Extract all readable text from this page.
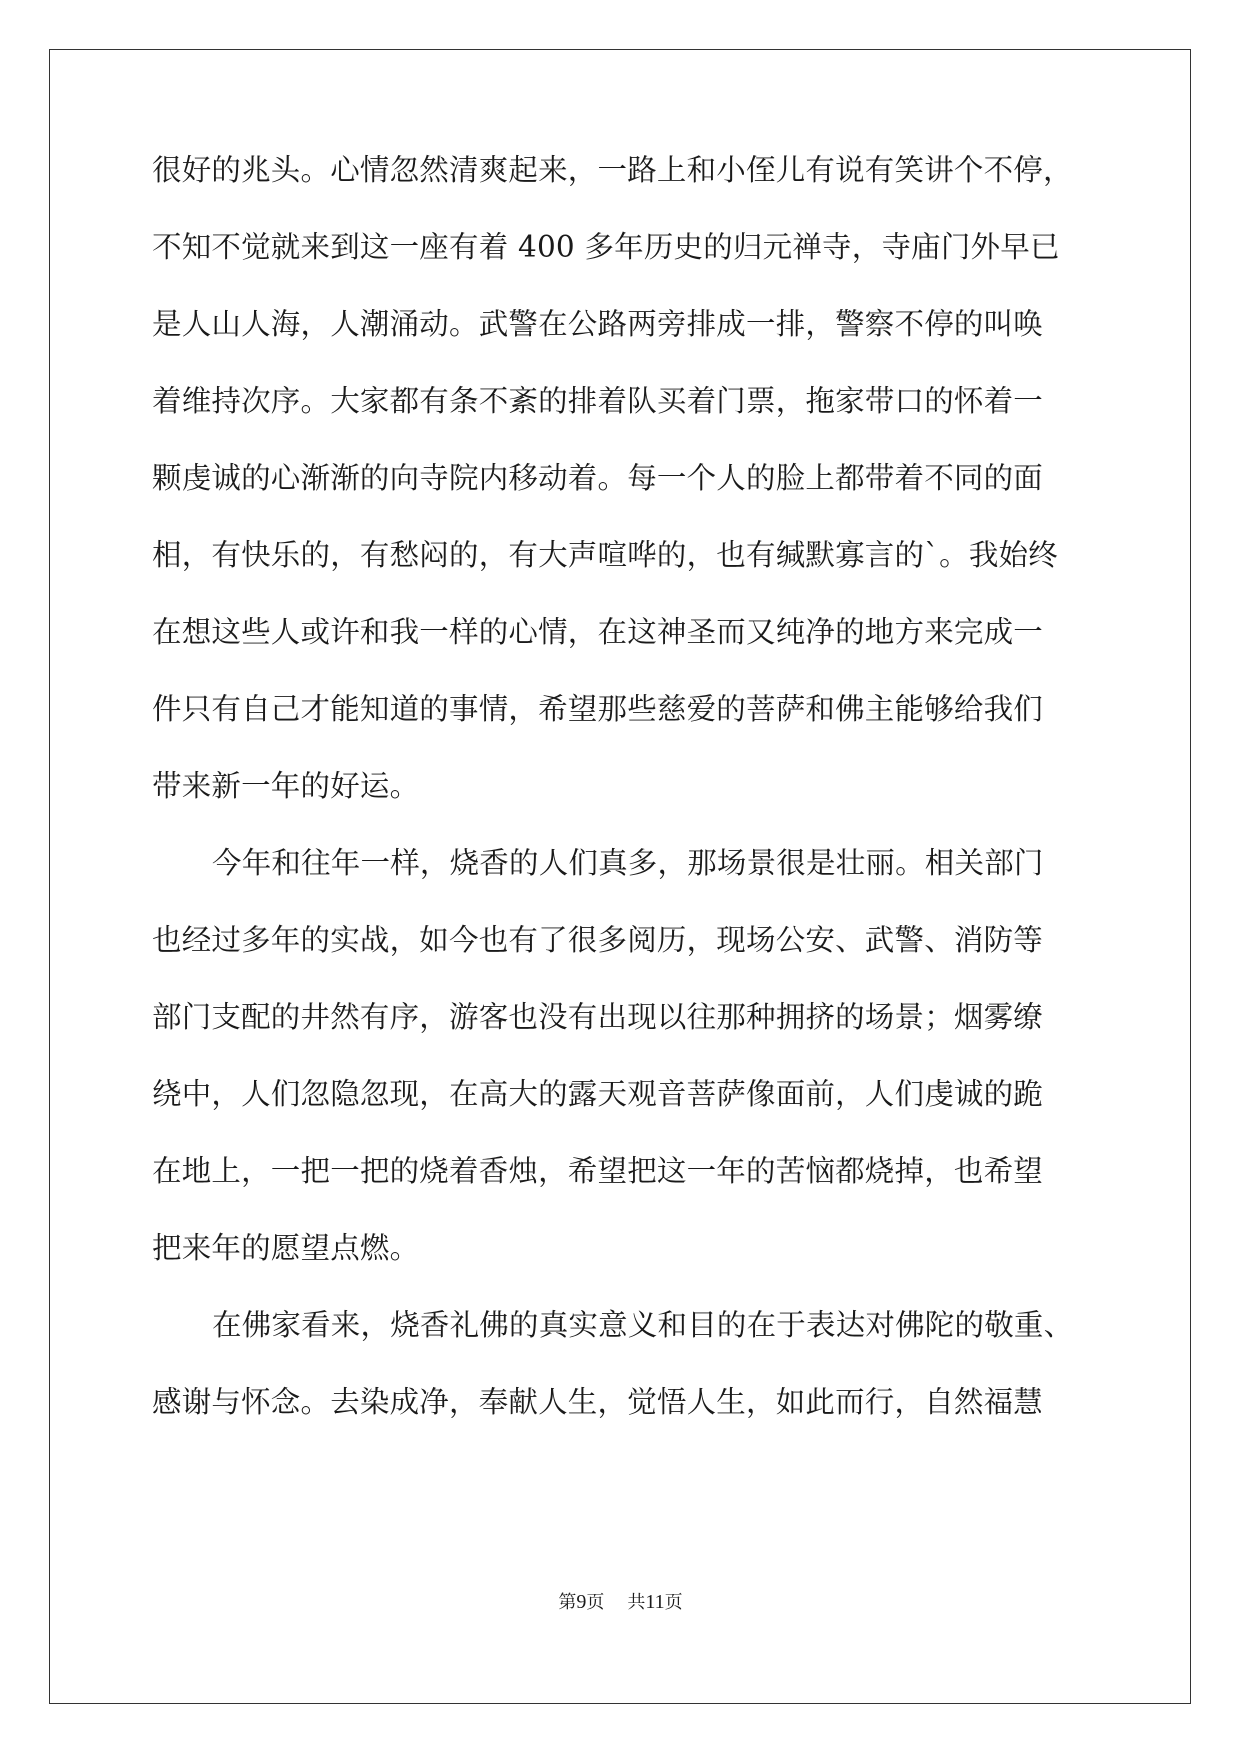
很好的兆头。心情忽然清爽起来，一路上和小侄儿有说有笑讲个不停，
不知不觉就来到这一座有着 400 多年历史的归元禅寺，寺庙门外早已
是人山人海，人潮涌动。武警在公路两旁排成一排，警察不停的叫唤
着维持次序。大家都有条不紊的排着队买着门票，拖家带口的怀着一
颗虔诚的心渐渐的向寺院内移动着。每一个人的脸上都带着不同的面
相，有快乐的，有愁闷的，有大声喧哗的，也有缄默寡言的`。我始终
在想这些人或许和我一样的心情，在这神圣而又纯净的地方来完成一
件只有自己才能知道的事情，希望那些慈爱的菩萨和佛主能够给我们
带来新一年的好运。
今年和往年一样，烧香的人们真多，那场景很是壮丽。相关部门
也经过多年的实战，如今也有了很多阅历，现场公安、武警、消防等
部门支配的井然有序，游客也没有出现以往那种拥挤的场景；烟雾缭
绕中，人们忽隐忽现，在高大的露天观音菩萨像面前，人们虔诚的跪
在地上，一把一把的烧着香烛，希望把这一年的苦恼都烧掉，也希望
把来年的愿望点燃。
在佛家看来，烧香礼佛的真实意义和目的在于表达对佛陀的敬重、
感谢与怀念。去染成净，奉献人生，觉悟人生，如此而行，自然福慧
第9页 共11页
